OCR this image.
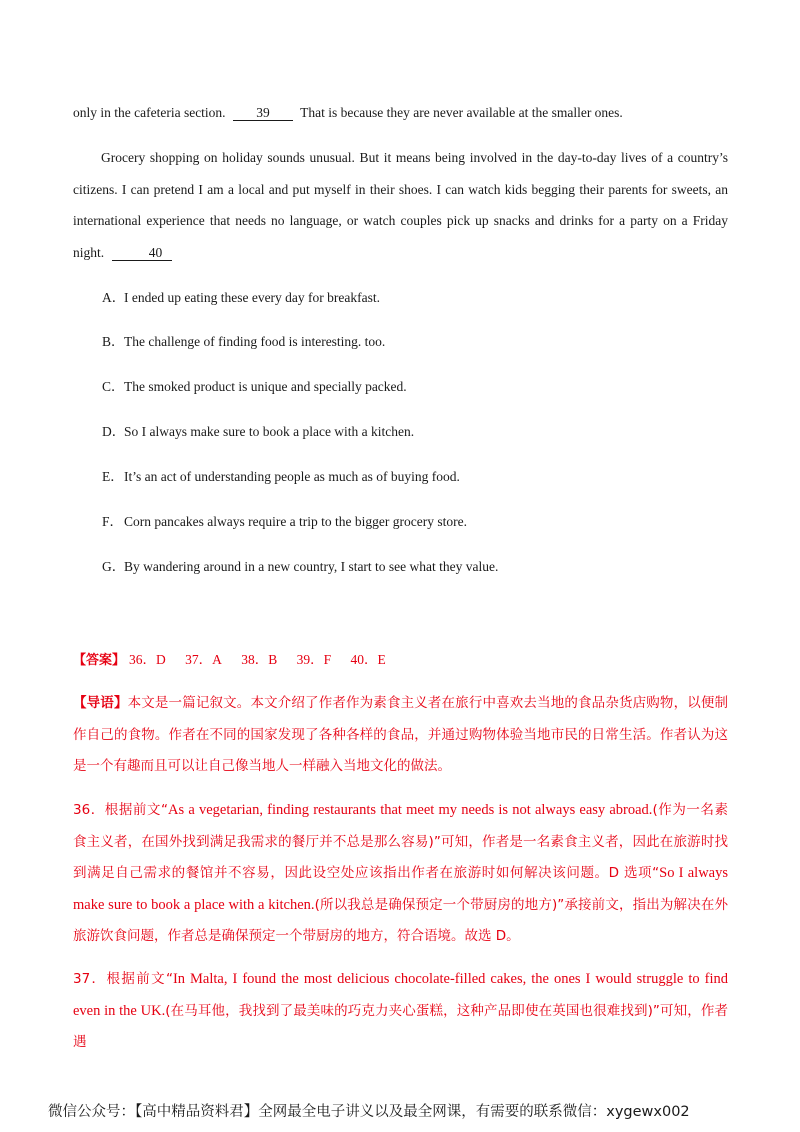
only in the cafeteria section. 39 That is because they are never available at the smaller ones.
Grocery shopping on holiday sounds unusual. But it means being involved in the day-to-day lives of a country’s citizens. I can pretend I am a local and put myself in their shoes. I can watch kids begging their parents for sweets, an international experience that needs no language, or watch couples pick up snacks and drinks for a party on a Friday night.	40
A．I ended up eating these every day for breakfast.
B．The challenge of finding food is interesting. too.
C．The smoked product is unique and specially packed.
D．So I always make sure to book a place with a kitchen.
E．It’s an act of understanding people as much as of buying food.
F．Corn pancakes always require a trip to the bigger grocery store.
G．By wandering around in a new country, I start to see what they value.
【答案】 36．D 37．A 38．B 39．F 40．E
【导语】本文是一篇记叙文。本文介绍了作者作为素食主义者在旅行中喜欢去当地的食品杂货店购物，以便制作自己的食物。作者在不同的国家发现了各种各样的食品，并通过购物体验当地市民的日常生活。作者认为这是一个有趣而且可以让自己像当地人一样融入当地文化的做法。
36．根据前文“As a vegetarian, finding restaurants that meet my needs is not always easy abroad.(作为一名素食主义者，在国外找到满足我需求的餐厅并不总是那么容易)”可知，作者是一名素食主义者，因此在旅游时找到满足自己需求的餐馆并不容易，因此设空处应该指出作者在旅游时如何解决该问题。D 选项“So I always make sure to book a place with a kitchen.(所以我总是确保预定一个带厨房的地方)”承接前文，指出为解决在外旅游饮食问题，作者总是确保预定一个带厨房的地方，符合语境。故选 D。
37．根据前文“In Malta, I found the most delicious chocolate-filled cakes, the ones I would struggle to find even in the UK.(在马耳他，我找到了最美味的巧克力夹心蛋糕，这种产品即使在英国也很难找到)”可知，作者遇
微信公众号：【高中精品资料君】全网最全电子讲义以及最全网课，有需要的联系微信：xygewx002
